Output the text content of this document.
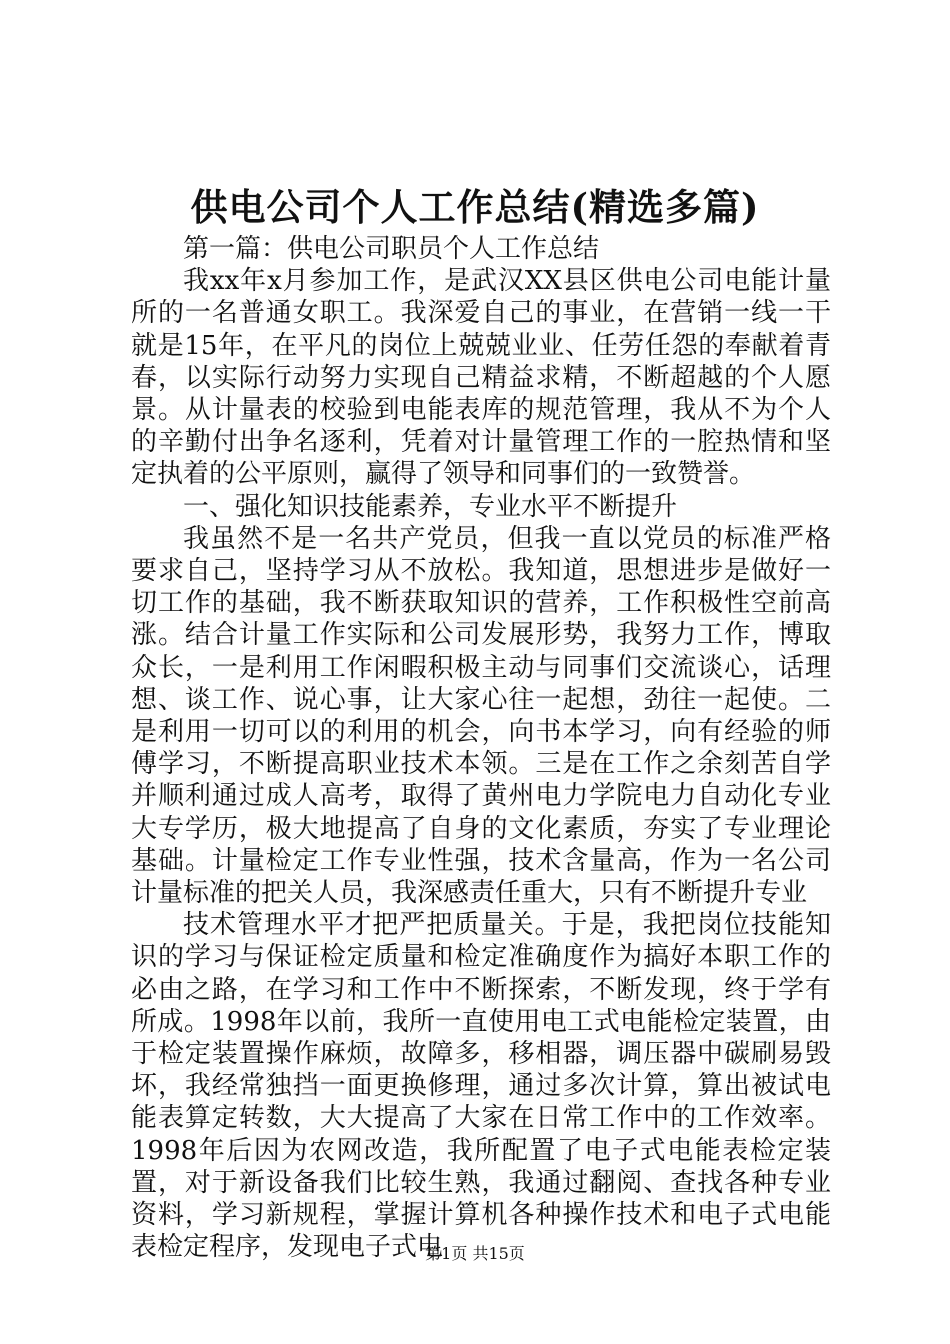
供电公司个人工作总结(精选多篇)

第一篇：供电公司职员个人工作总结

我xx年x月参加工作，是武汉XX县区供电公司电能计量所的一名普通女职工。我深爱自己的事业，在营销一线一干就是15年，在平凡的岗位上兢兢业业、任劳任怨的奉献着青春，以实际行动努力实现自己精益求精，不断超越的个人愿景。从计量表的校验到电能表库的规范管理，我从不为个人的辛勤付出争名逐利，凭着对计量管理工作的一腔热情和坚定执着的公平原则，赢得了领导和同事们的一致赞誉。

一、强化知识技能素养，专业水平不断提升

我虽然不是一名共产党员，但我一直以党员的标准严格要求自己，坚持学习从不放松。我知道，思想进步是做好一切工作的基础，我不断获取知识的营养，工作积极性空前高涨。结合计量工作实际和公司发展形势，我努力工作，博取众长，一是利用工作闲暇积极主动与同事们交流谈心，话理想、谈工作、说心事，让大家心往一起想，劲往一起使。二是利用一切可以的利用的机会，向书本学习，向有经验的师傅学习，不断提高职业技术本领。三是在工作之余刻苦自学并顺利通过成人高考，取得了黄州电力学院电力自动化专业大专学历，极大地提高了自身的文化素质，夯实了专业理论基础。计量检定工作专业性强，技术含量高，作为一名公司计量标准的把关人员，我深感责任重大，只有不断提升专业

技术管理水平才把严把质量关。于是，我把岗位技能知识的学习与保证检定质量和检定准确度作为搞好本职工作的必由之路，在学习和工作中不断探索，不断发现，终于学有所成。1998年以前，我所一直使用电工式电能检定装置，由于检定装置操作麻烦，故障多，移相器，调压器中碳刷易毁坏，我经常独挡一面更换修理，通过多次计算，算出被试电能表算定转数，大大提高了大家在日常工作中的工作效率。1998年后因为农网改造，我所配置了电子式电能表检定装置，对于新设备我们比较生熟，我通过翻阅、查找各种专业资料，学习新规程，掌握计算机各种操作技术和电子式电能表检定程序，发现电子式电

第1页 共15页
